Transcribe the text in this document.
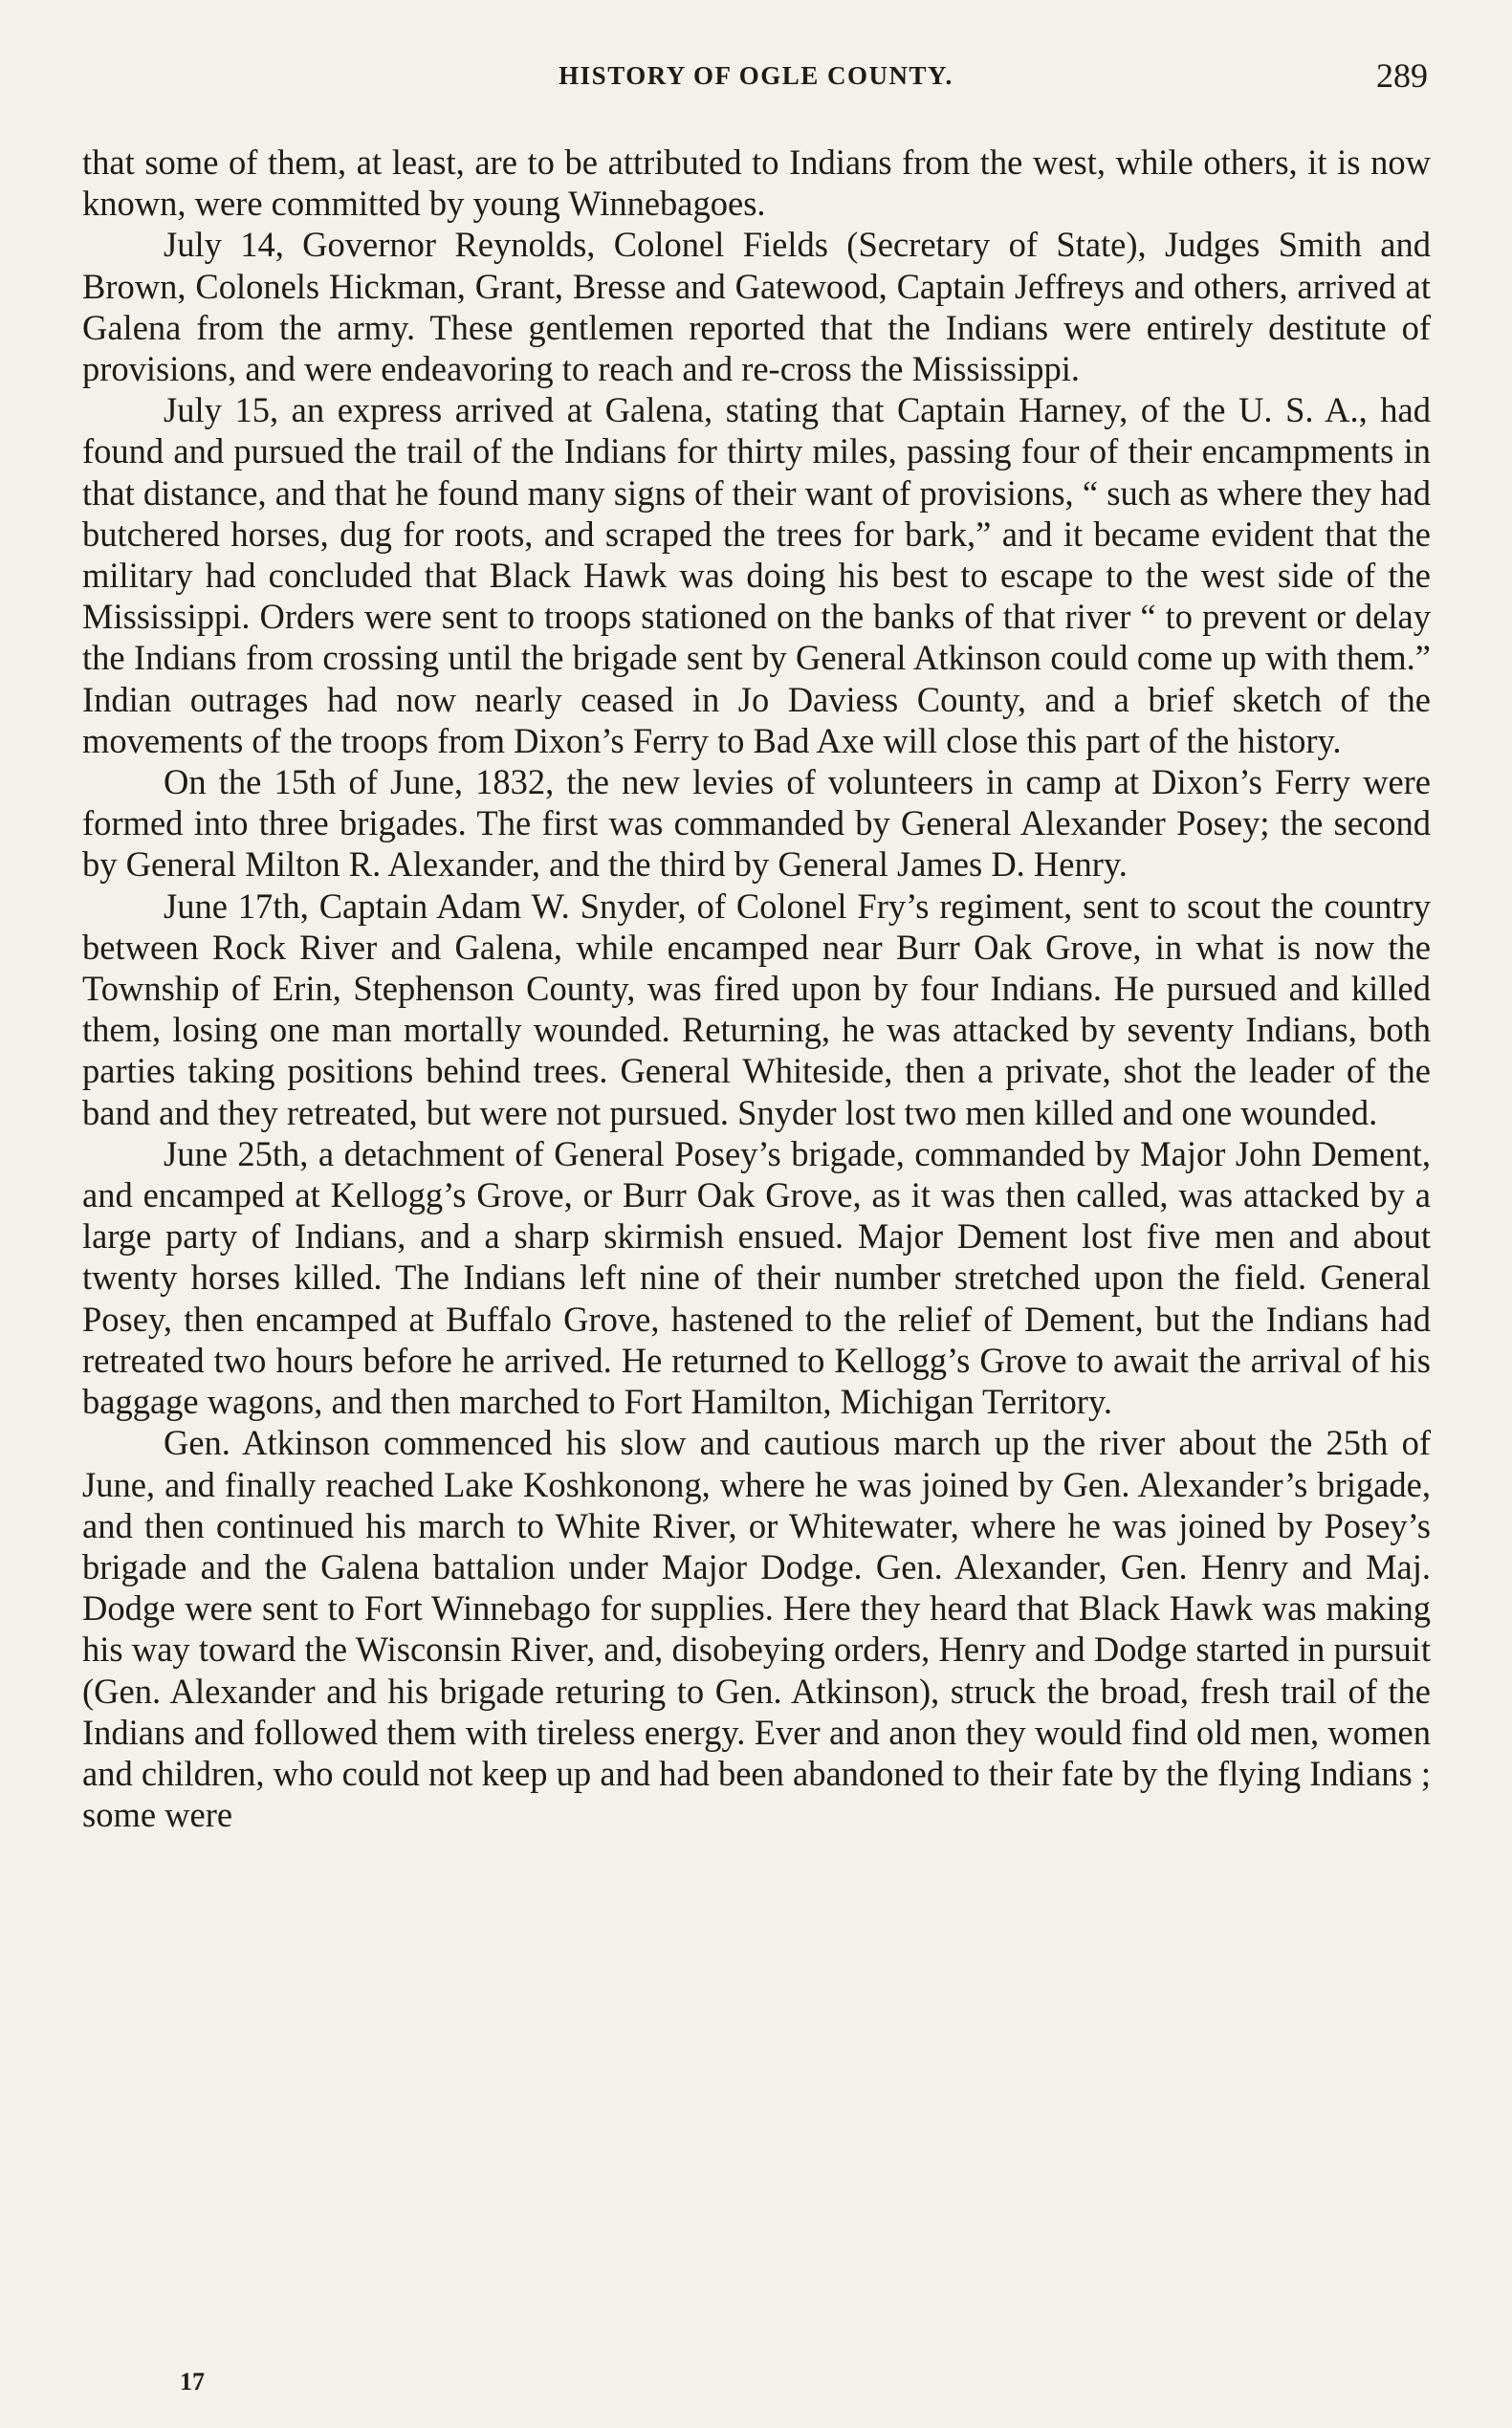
HISTORY OF OGLE COUNTY.	289

that some of them, at least, are to be attributed to Indians from the west, while others, it is now known, were committed by young Winnebagoes.

July 14, Governor Reynolds, Colonel Fields (Secretary of State), Judges Smith and Brown, Colonels Hickman, Grant, Bresse and Gatewood, Captain Jeffreys and others, arrived at Galena from the army. These gentlemen reported that the Indians were entirely destitute of provisions, and were endeavoring to reach and re-cross the Mississippi.

July 15, an express arrived at Galena, stating that Captain Harney, of the U. S. A., had found and pursued the trail of the Indians for thirty miles, passing four of their encampments in that distance, and that he found many signs of their want of provisions, “ such as where they had butchered horses, dug for roots, and scraped the trees for bark,” and it became evident that the military had concluded that Black Hawk was doing his best to escape to the west side of the Mississippi. Orders were sent to troops stationed on the banks of that river “ to prevent or delay the Indians from crossing until the brigade sent by General Atkinson could come up with them.” Indian outrages had now nearly ceased in Jo Daviess County, and a brief sketch of the movements of the troops from Dixon’s Ferry to Bad Axe will close this part of the history.

On the 15th of June, 1832, the new levies of volunteers in camp at Dixon’s Ferry were formed into three brigades. The first was commanded by General Alexander Posey; the second by General Milton R. Alexander, and the third by General James D. Henry.

June 17th, Captain Adam W. Snyder, of Colonel Fry’s regiment, sent to scout the country between Rock River and Galena, while encamped near Burr Oak Grove, in what is now the Township of Erin, Stephenson County, was fired upon by four Indians. He pursued and killed them, losing one man mortally wounded. Returning, he was attacked by seventy Indians, both parties taking positions behind trees. General Whiteside, then a private, shot the leader of the band and they retreated, but were not pursued. Snyder lost two men killed and one wounded.

June 25th, a detachment of General Posey’s brigade, commanded by Major John Dement, and encamped at Kellogg’s Grove, or Burr Oak Grove, as it was then called, was attacked by a large party of Indians, and a sharp skirmish ensued. Major Dement lost five men and about twenty horses killed. The Indians left nine of their number stretched upon the field. General Posey, then encamped at Buffalo Grove, hastened to the relief of Dement, but the Indians had retreated two hours before he arrived. He returned to Kellogg’s Grove to await the arrival of his baggage wagons, and then marched to Fort Hamilton, Michigan Territory.

Gen. Atkinson commenced his slow and cautious march up the river about the 25th of June, and finally reached Lake Koshkonong, where he was joined by Gen. Alexander’s brigade, and then continued his march to White River, or Whitewater, where he was joined by Posey’s brigade and the Galena battalion under Major Dodge. Gen. Alexander, Gen. Henry and Maj. Dodge were sent to Fort Winnebago for supplies. Here they heard that Black Hawk was making his way toward the Wisconsin River, and, disobeying orders, Henry and Dodge started in pursuit (Gen. Alexander and his brigade returing to Gen. Atkinson), struck the broad, fresh trail of the Indians and followed them with tireless energy. Ever and anon they would find old men, women and children, who could not keep up and had been abandoned to their fate by the flying Indians ; some were

17
